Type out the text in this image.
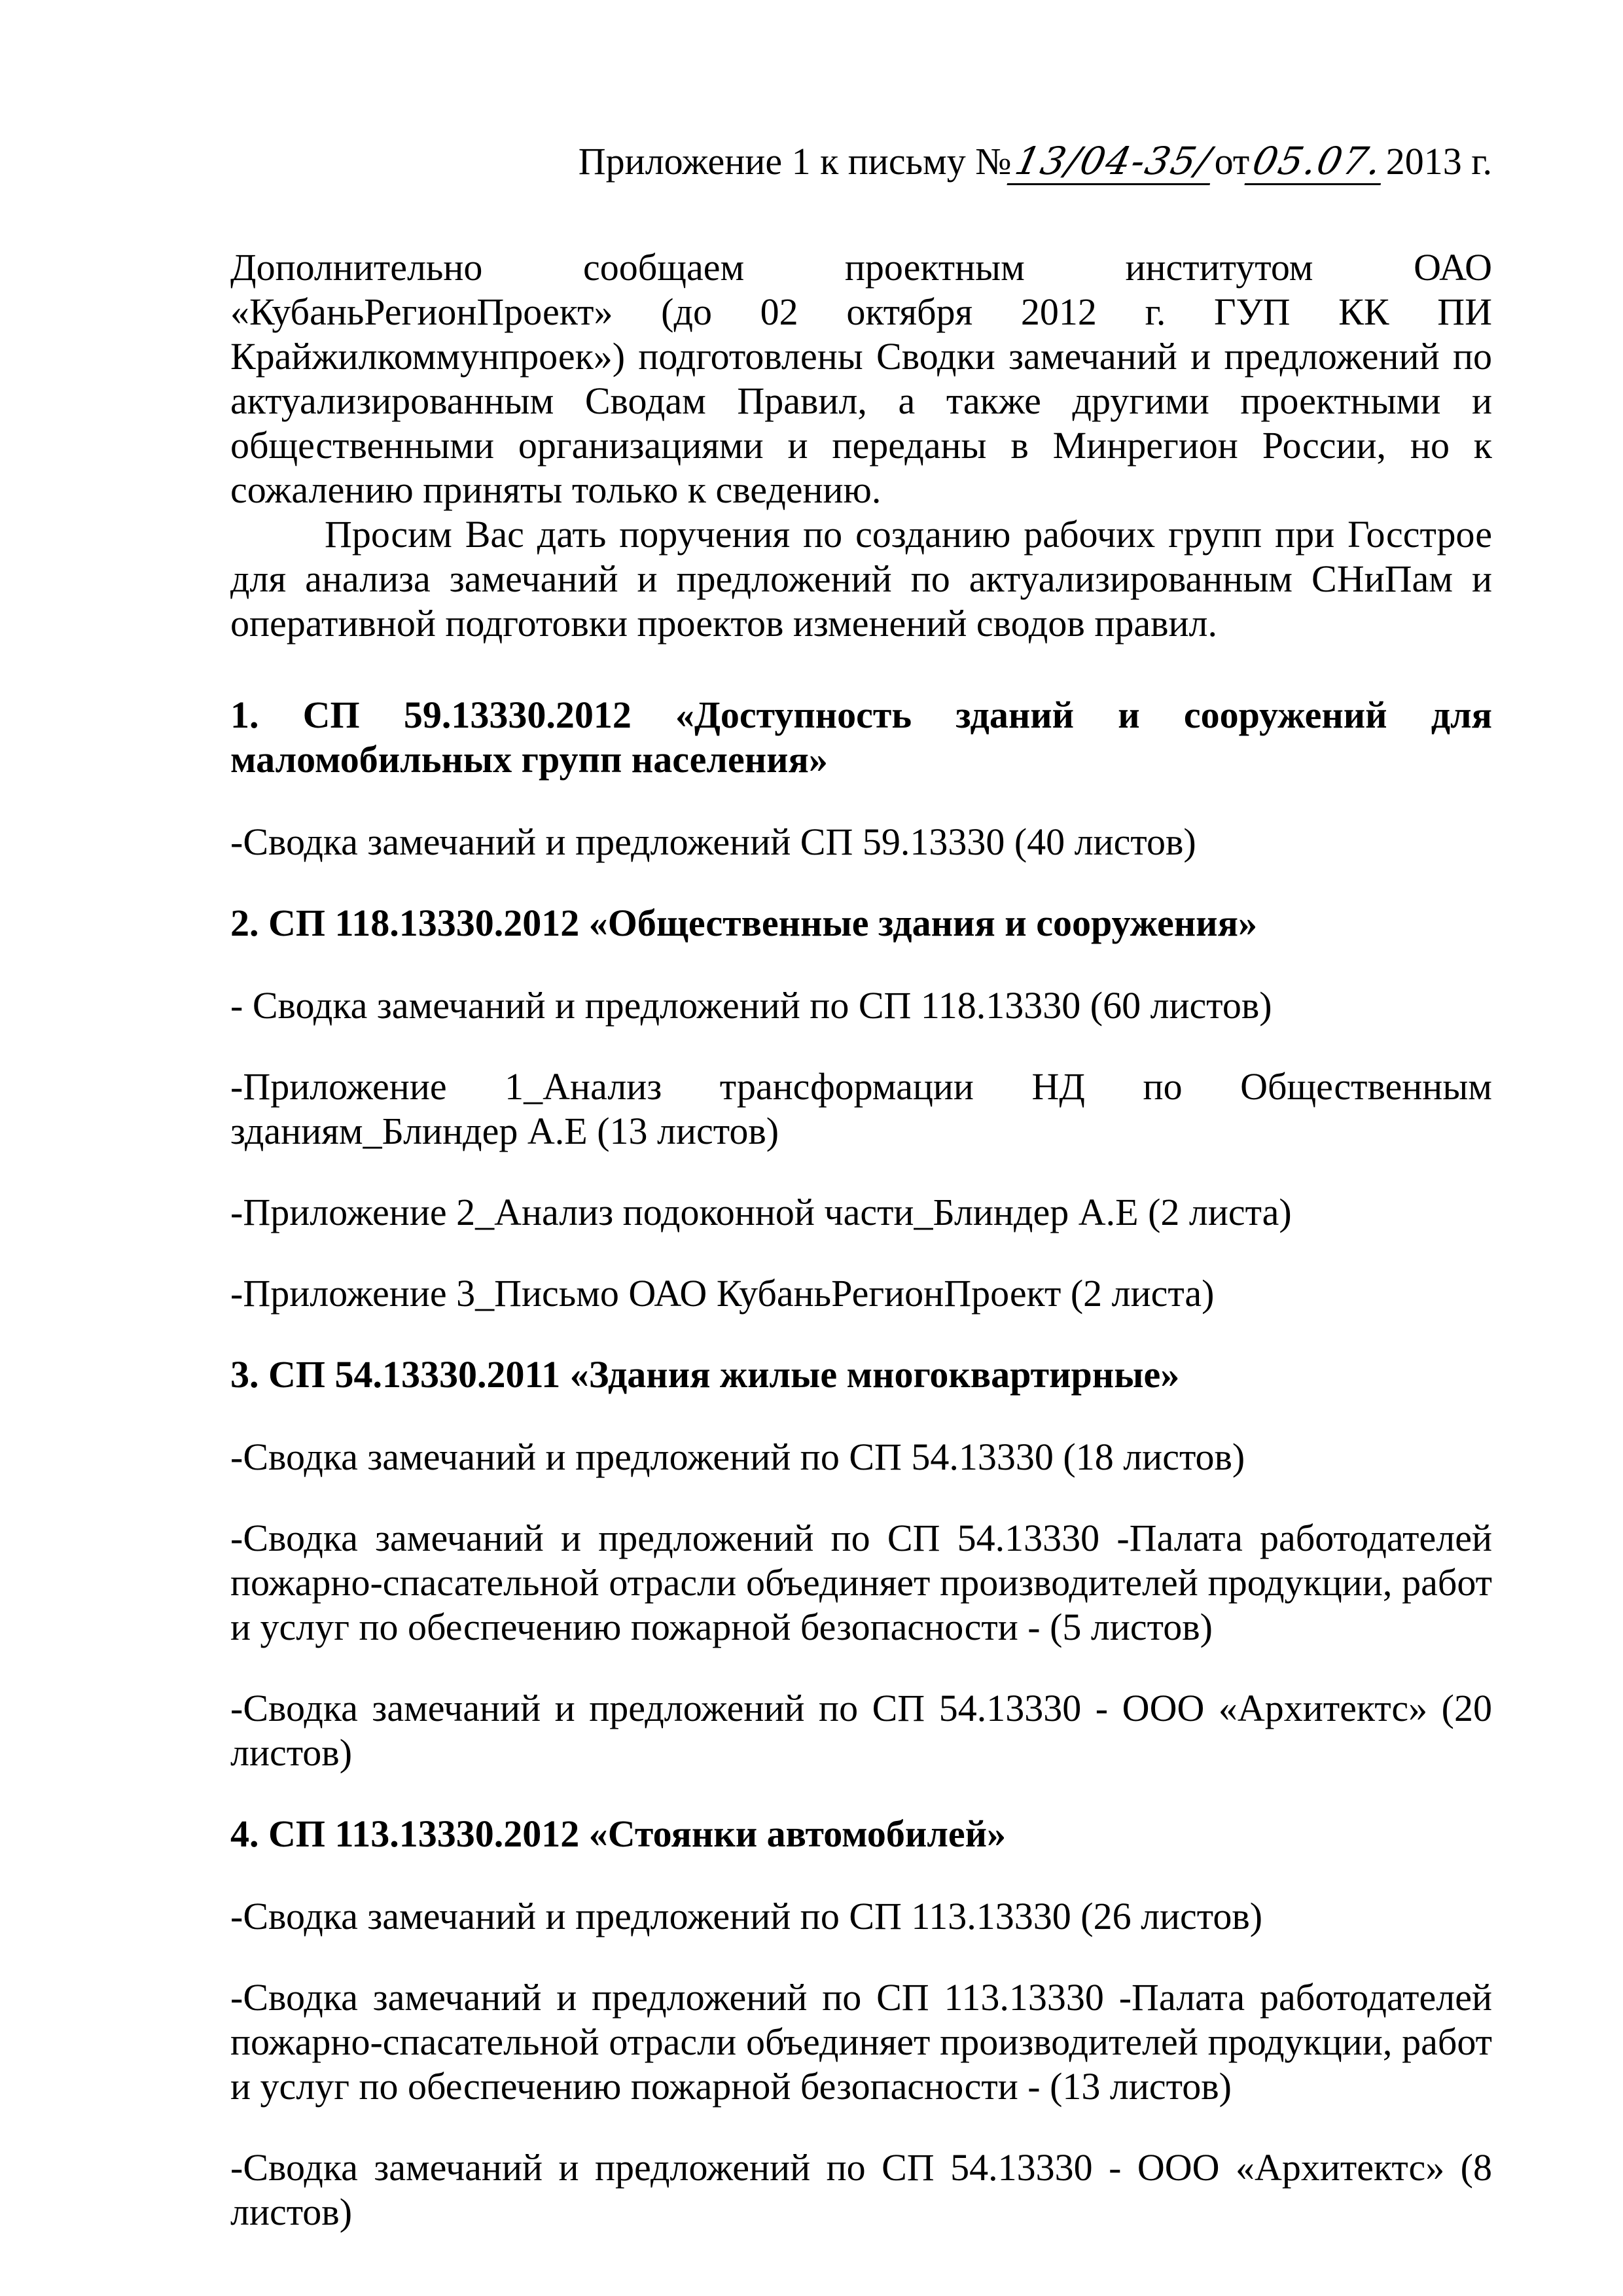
Приложение 1 к письму №13/04-35/от05.07.2013 г.

Дополнительно сообщаем проектным институтом ОАО «КубаньРегионПроект» (до 02 октября 2012 г. ГУП КК ПИ Крайжилкоммунпроек») подготовлены Сводки замечаний и предложений по актуализированным Сводам Правил, а также другими проектными и общественными организациями и переданы в Минрегион России, но к сожалению приняты только к сведению.

Просим Вас дать поручения по созданию рабочих групп при Госстрое для анализа замечаний и предложений по актуализированным СНиПам и оперативной подготовки проектов изменений сводов правил.

1. СП 59.13330.2012 «Доступность зданий и сооружений для маломобильных групп населения»

-Сводка замечаний и предложений СП 59.13330 (40 листов)

2. СП 118.13330.2012 «Общественные здания и сооружения»

- Сводка замечаний и предложений по СП 118.13330 (60 листов)

-Приложение 1_Анализ трансформации НД по Общественным зданиям_Блиндер А.Е (13 листов)

-Приложение 2_Анализ подоконной части_Блиндер А.Е (2 листа)

-Приложение 3_Письмо ОАО КубаньРегионПроект (2 листа)

3. СП 54.13330.2011 «Здания жилые многоквартирные»

-Сводка замечаний и предложений по СП 54.13330 (18 листов)

-Сводка замечаний и предложений по СП 54.13330 -Палата работодателей пожарно-спасательной отрасли объединяет производителей продукции, работ и услуг по обеспечению пожарной безопасности - (5 листов)

-Сводка замечаний и предложений по СП 54.13330 - ООО «Архитектс» (20 листов)

4. СП 113.13330.2012 «Стоянки автомобилей»

-Сводка замечаний и предложений по СП 113.13330 (26 листов)

-Сводка замечаний и предложений по СП 113.13330 -Палата работодателей пожарно-спасательной отрасли объединяет производителей продукции, работ и услуг по обеспечению пожарной безопасности - (13 листов)

-Сводка замечаний и предложений по СП 54.13330 - ООО «Архитектс» (8 листов)
